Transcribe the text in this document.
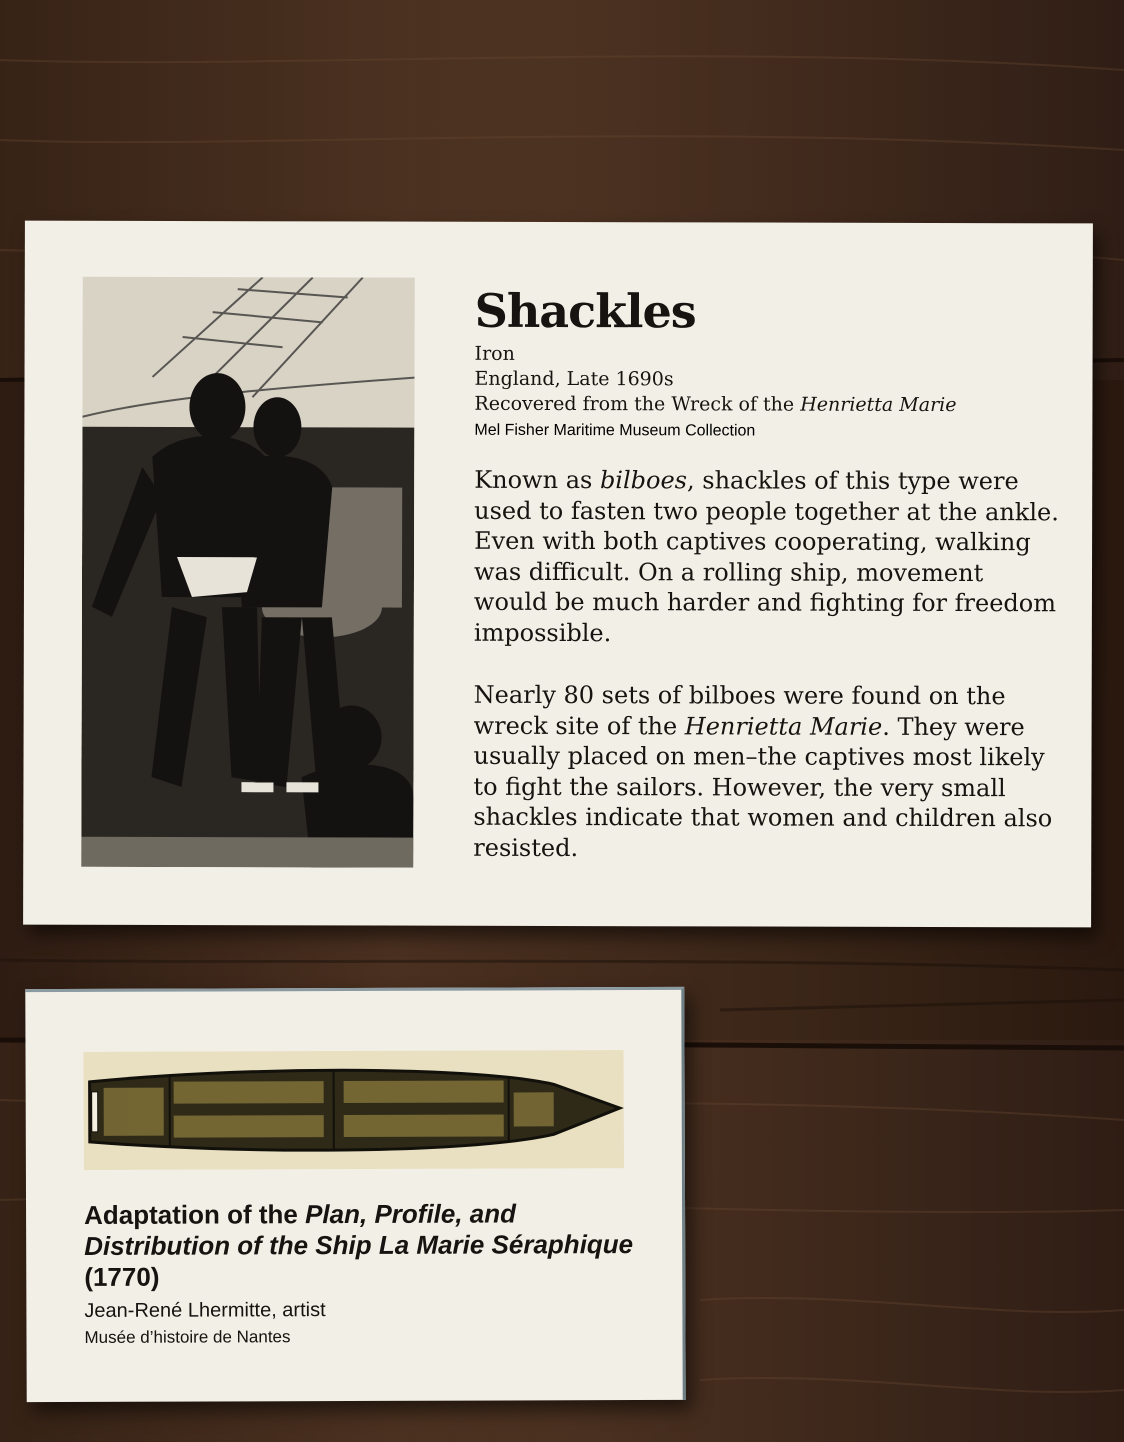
Shackles
Iron
England, Late 1690s
Recovered from the Wreck of the Henrietta Marie
Mel Fisher Maritime Museum Collection

Known as bilboes, shackles of this type were used to fasten two people together at the ankle. Even with both captives cooperating, walking was difficult. On a rolling ship, movement would be much harder and fighting for freedom impossible.

Nearly 80 sets of bilboes were found on the wreck site of the Henrietta Marie. They were usually placed on men–the captives most likely to fight the sailors. However, the very small shackles indicate that women and children also resisted.

Adaptation of the Plan, Profile, and Distribution of the Ship La Marie Séraphique (1770)

Jean-René Lhermitte, artist
Musée d’histoire de Nantes
